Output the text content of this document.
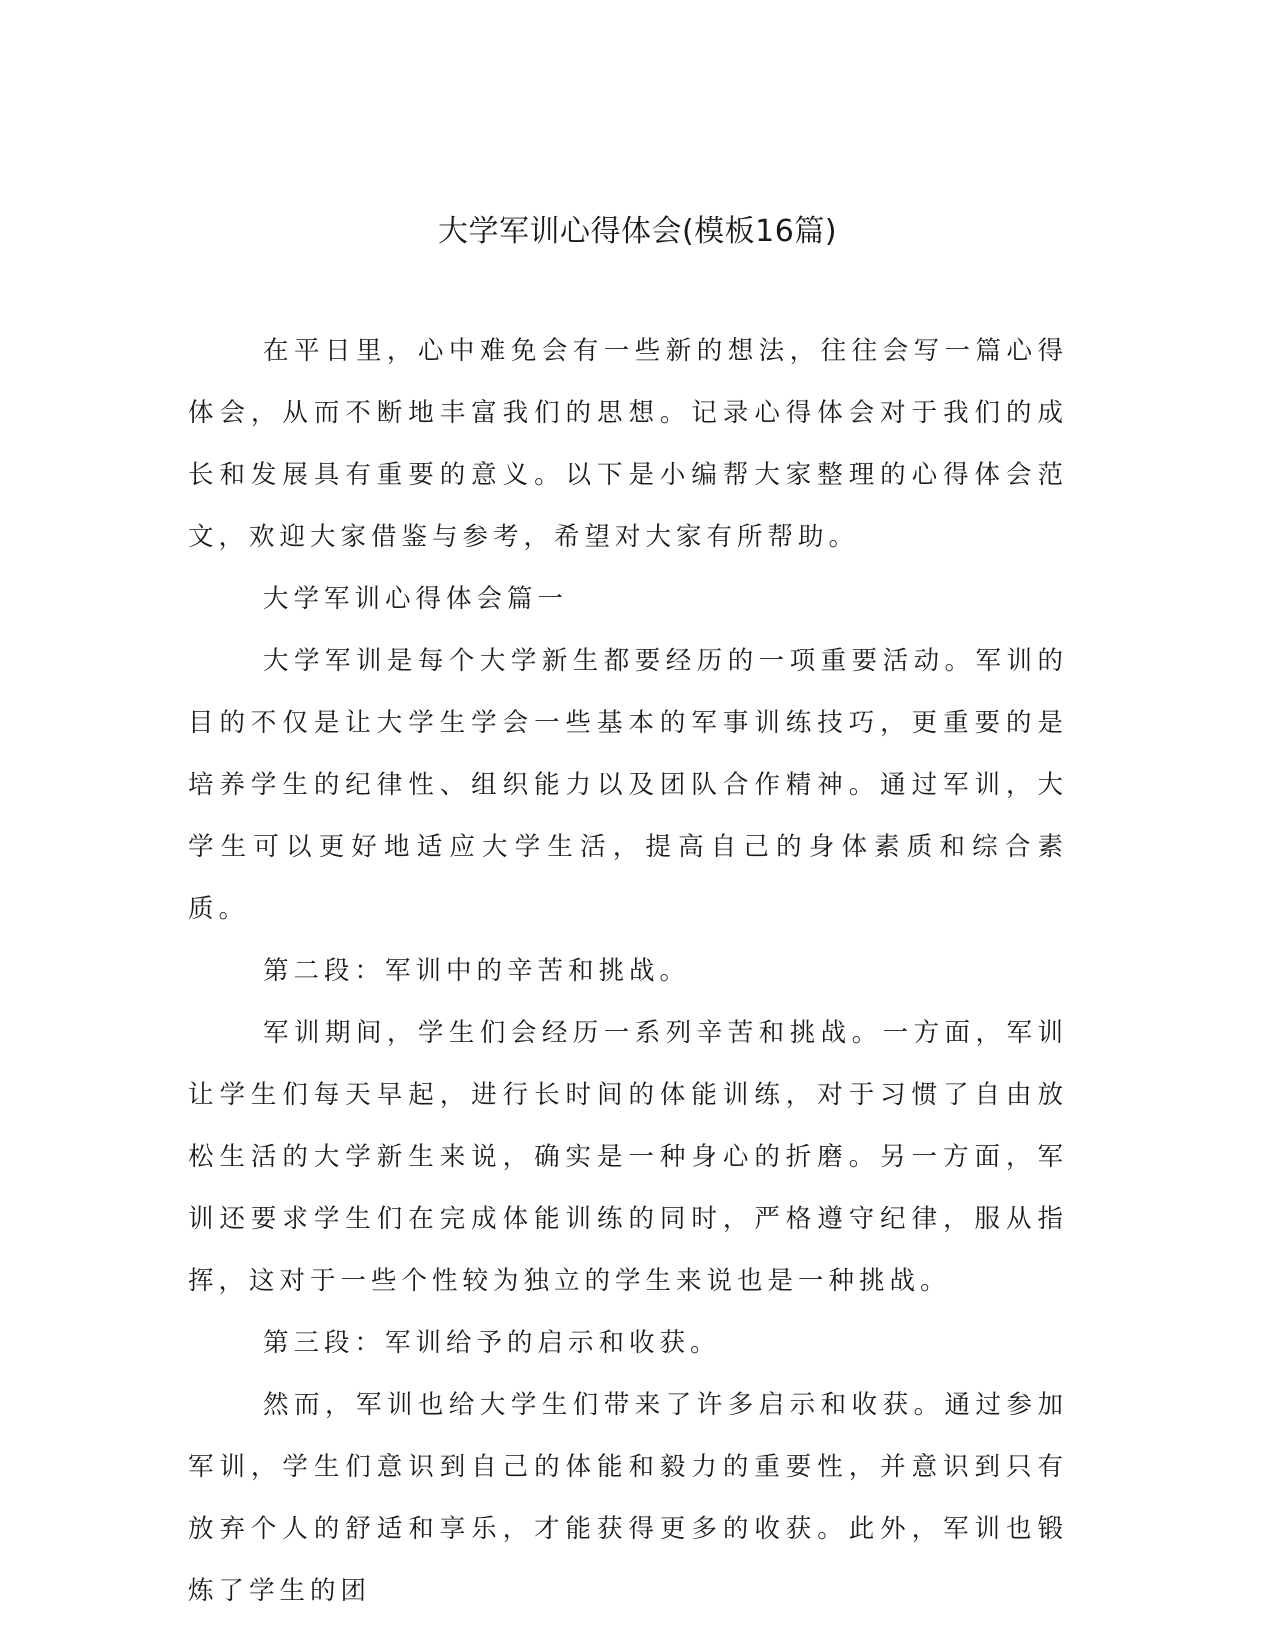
大学军训心得体会(模板16篇)

在平日里，心中难免会有一些新的想法，往往会写一篇心得体会，从而不断地丰富我们的思想。记录心得体会对于我们的成长和发展具有重要的意义。以下是小编帮大家整理的心得体会范文，欢迎大家借鉴与参考，希望对大家有所帮助。

大学军训心得体会篇一

大学军训是每个大学新生都要经历的一项重要活动。军训的目的不仅是让大学生学会一些基本的军事训练技巧，更重要的是培养学生的纪律性、组织能力以及团队合作精神。通过军训，大学生可以更好地适应大学生活，提高自己的身体素质和综合素质。

第二段：军训中的辛苦和挑战。

军训期间，学生们会经历一系列辛苦和挑战。一方面，军训让学生们每天早起，进行长时间的体能训练，对于习惯了自由放松生活的大学新生来说，确实是一种身心的折磨。另一方面，军训还要求学生们在完成体能训练的同时，严格遵守纪律，服从指挥，这对于一些个性较为独立的学生来说也是一种挑战。

第三段：军训给予的启示和收获。

然而，军训也给大学生们带来了许多启示和收获。通过参加军训，学生们意识到自己的体能和毅力的重要性，并意识到只有放弃个人的舒适和享乐，才能获得更多的收获。此外，军训也锻炼了学生的团
